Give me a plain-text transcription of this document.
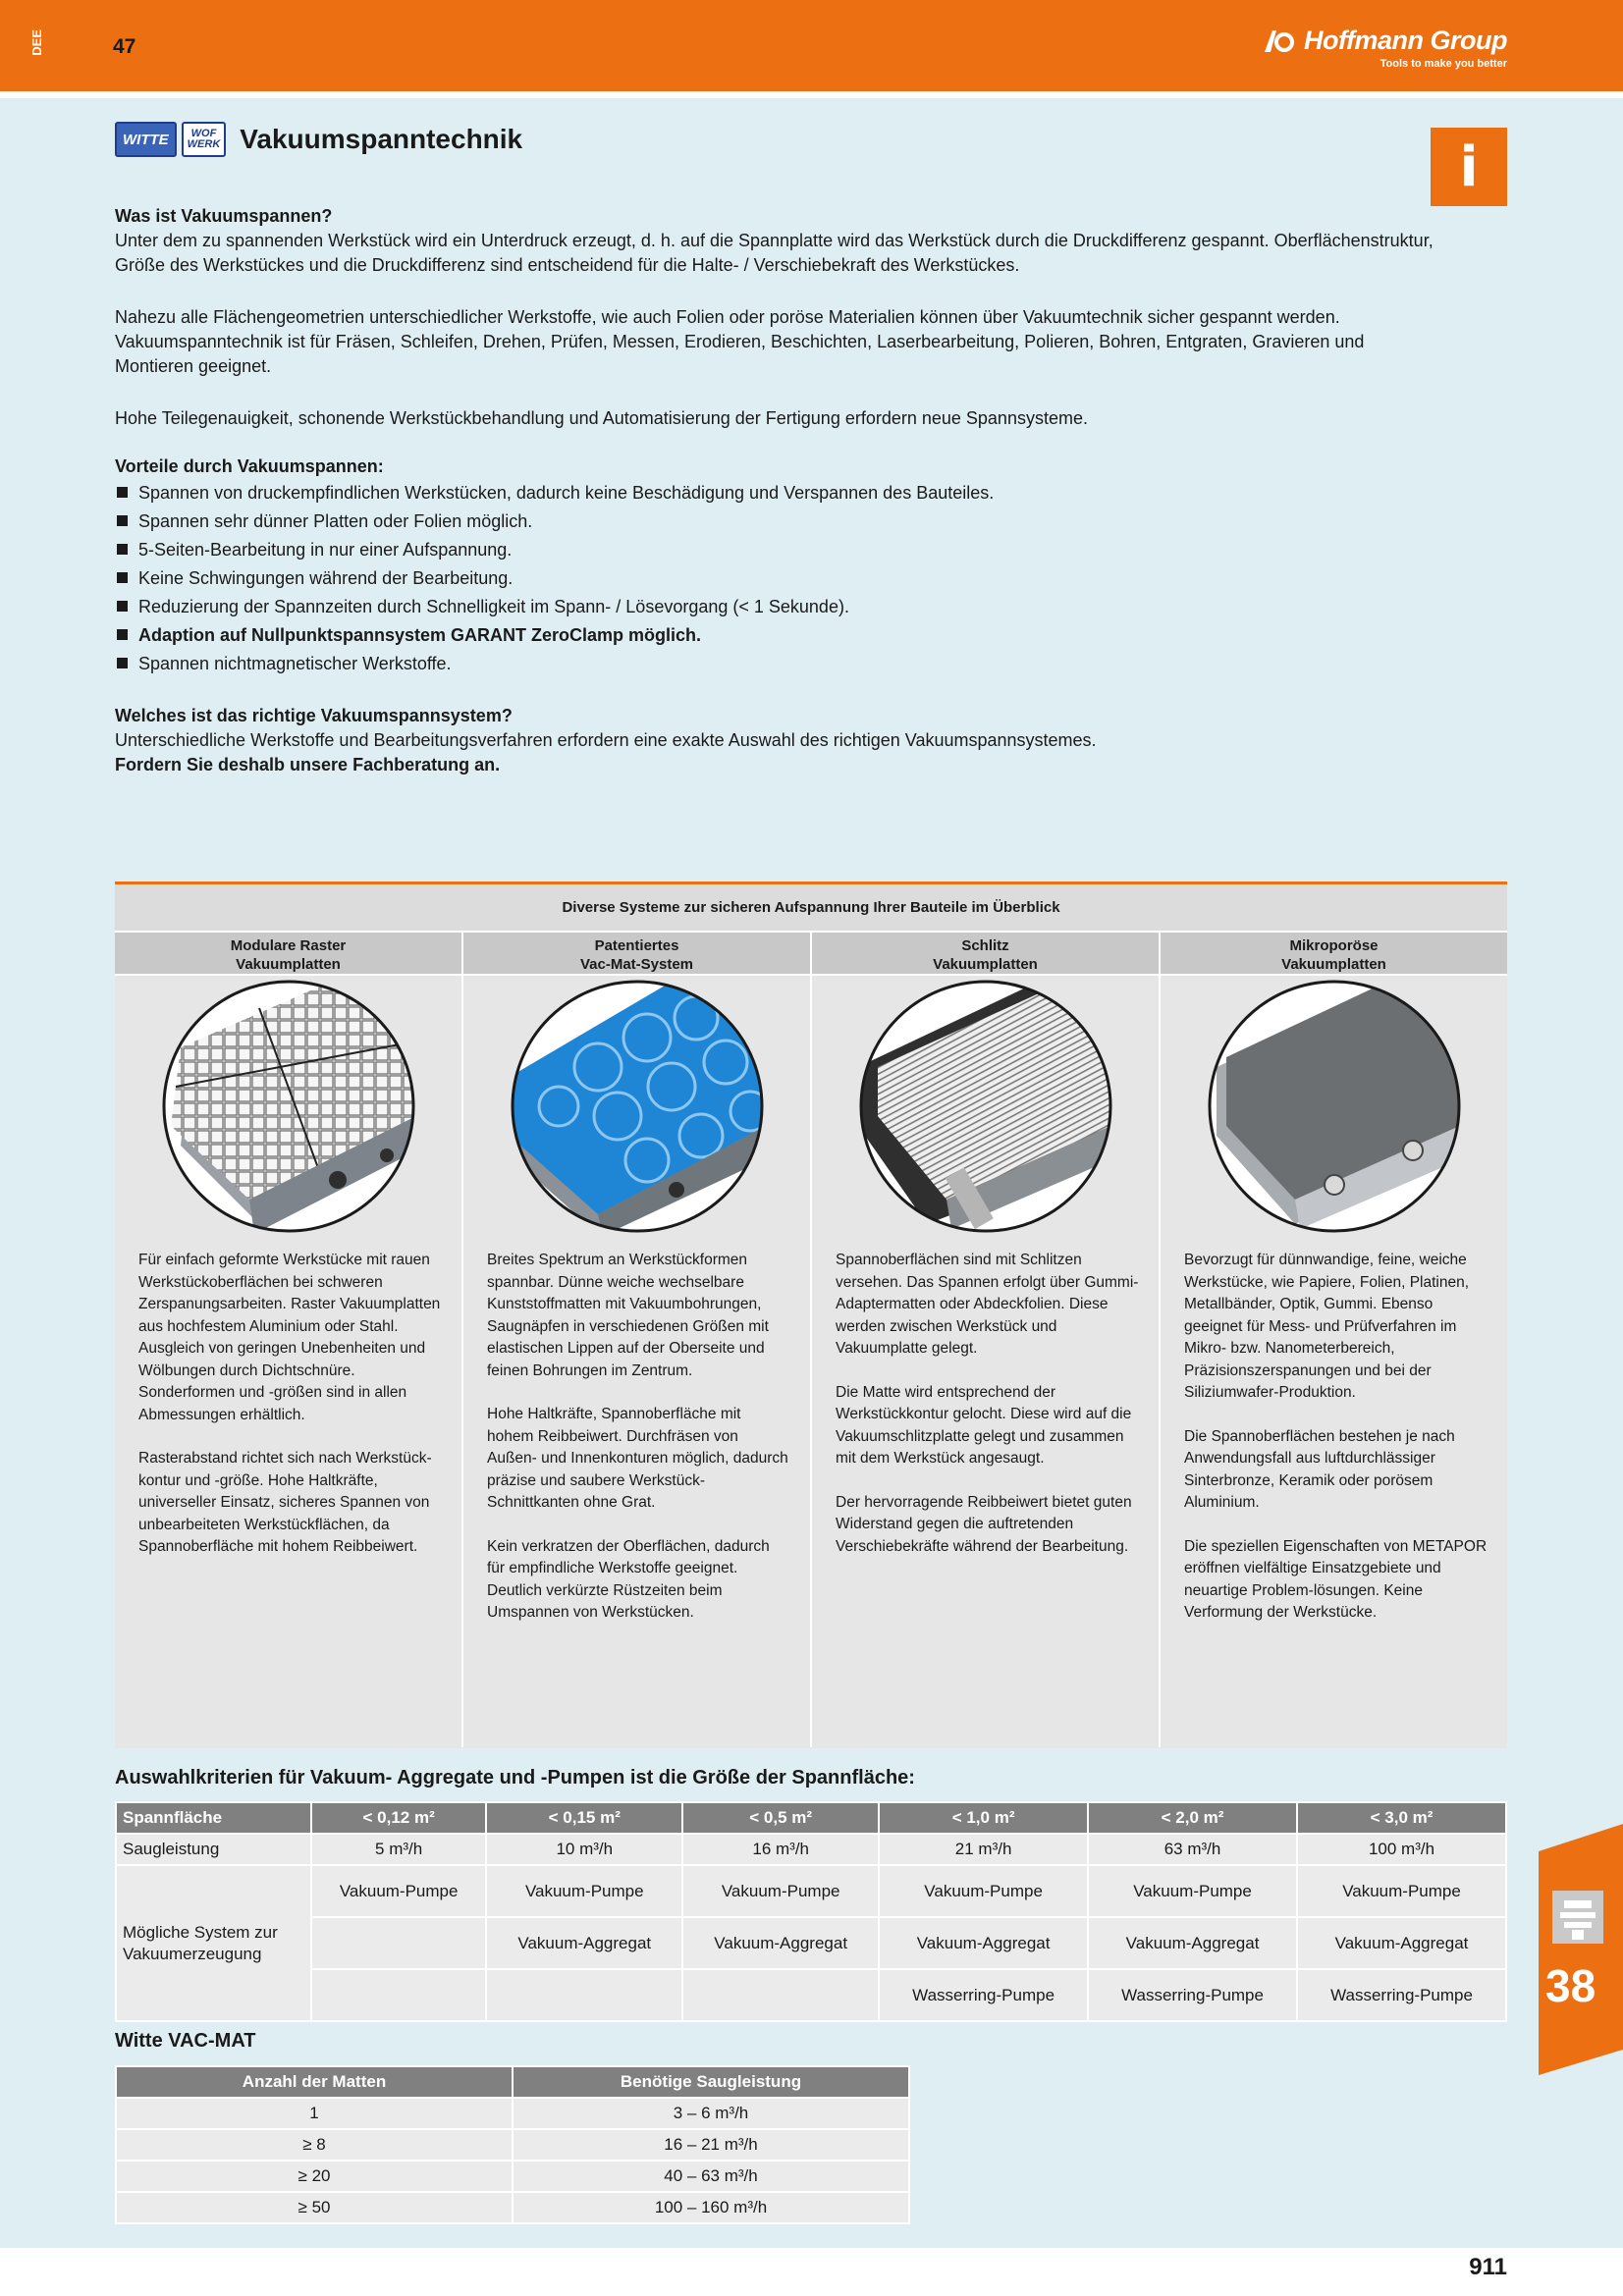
DEE	47	Hoffmann Group
Tools to make you better
WITTE	WOF
WERK Vakuumspanntechnik	i
Was ist Vakuumspannen?

Unter dem zu spannenden Werkstück wird ein Unterdruck erzeugt, d. h. auf die Spannplatte wird das Werkstück durch die Druckdifferenz gespannt. Oberflächenstruktur, Größe des Werkstückes und die Druckdifferenz sind entscheidend für die Halte- / Verschiebekraft des Werkstückes.

Nahezu alle Flächengeometrien unterschiedlicher Werkstoffe, wie auch Folien oder poröse Materialien können über Vakuumtechnik sicher gespannt werden. Vakuumspanntechnik ist für Fräsen, Schleifen, Drehen, Prüfen, Messen, Erodieren, Beschichten, Laserbearbeitung, Polieren, Bohren, Entgraten, Gravieren und Montieren geeignet.

Hohe Teilegenauigkeit, schonende Werkstückbehandlung und Automatisierung der Fertigung erfordern neue Spannsysteme.

Vorteile durch Vakuumspannen:
Spannen von druckempfindlichen Werkstücken, dadurch keine Beschädigung und Verspannen des Bauteiles.
Spannen sehr dünner Platten oder Folien möglich.
5-Seiten-Bearbeitung in nur einer Aufspannung.
Keine Schwingungen während der Bearbeitung.
Reduzierung der Spannzeiten durch Schnelligkeit im Spann- / Lösevorgang (< 1 Sekunde).
Adaption auf Nullpunktspannsystem GARANT ZeroClamp möglich.
Spannen nichtmagnetischer Werkstoffe.
Welches ist das richtige Vakuumspannsystem?
Unterschiedliche Werkstoffe und Bearbeitungsverfahren erfordern eine exakte Auswahl des richtigen Vakuumspannsystemes.
Fordern Sie deshalb unsere Fachberatung an.
Diverse Systeme zur sicheren Aufspannung Ihrer Bauteile im Überblick
Modulare Raster
Vakuumplatten

Für einfach geformte Werkstücke mit rauen Werkstückoberflächen bei schweren Zerspanungsarbeiten. Raster Vakuumplatten aus hochfestem Aluminium oder Stahl. Ausgleich von geringen Unebenheiten und Wölbungen durch Dichtschnüre. Sonderformen und -größen sind in allen Abmessungen erhältlich.

Rasterabstand richtet sich nach Werkstück-kontur und -größe. Hohe Haltkräfte, universeller Einsatz, sicheres Spannen von unbearbeiteten Werkstückflächen, da Spannoberfläche mit hohem Reibbeiwert.

Patentiertes
Vac-Mat-System

Breites Spektrum an Werkstückformen spannbar. Dünne weiche wechselbare Kunststoffmatten mit Vakuumbohrungen, Saugnäpfen in verschiedenen Größen mit elastischen Lippen auf der Oberseite und feinen Bohrungen im Zentrum.

Hohe Haltkräfte, Spannoberfläche mit hohem Reibbeiwert. Durchfräsen von Außen- und Innenkonturen möglich, dadurch präzise und saubere Werkstück-Schnittkanten ohne Grat.

Kein verkratzen der Oberflächen, dadurch für empfindliche Werkstoffe geeignet. Deutlich verkürzte Rüstzeiten beim Umspannen von Werkstücken.

Schlitz
Vakuumplatten

Spannoberflächen sind mit Schlitzen versehen. Das Spannen erfolgt über Gummi-Adaptermatten oder Abdeckfolien. Diese werden zwischen Werkstück und Vakuumplatte gelegt.

Die Matte wird entsprechend der Werkstückkontur gelocht. Diese wird auf die Vakuumschlitzplatte gelegt und zusammen mit dem Werkstück angesaugt.

Der hervorragende Reibbeiwert bietet guten Widerstand gegen die auftretenden Verschiebekräfte während der Bearbeitung.

Mikroporöse
Vakuumplatten

Bevorzugt für dünnwandige, feine, weiche Werkstücke, wie Papiere, Folien, Platinen, Metallbänder, Optik, Gummi. Ebenso geeignet für Mess- und Prüfverfahren im Mikro- bzw. Nanometerbereich, Präzisionszerspanungen und bei der Siliziumwafer-Produktion.

Die Spannoberflächen bestehen je nach Anwendungsfall aus luftdurchlässiger Sinterbronze, Keramik oder porösem Aluminium.

Die speziellen Eigenschaften von METAPOR eröffnen vielfältige Einsatzgebiete und neuartige Problem-lösungen. Keine Verformung der Werkstücke.

Auswahlkriterien für Vakuum- Aggregate und -Pumpen ist die Größe der Spannfläche:
Spannfläche	< 0,12 m²	< 0,15 m²	< 0,5 m²	< 1,0 m²	< 2,0 m²	< 3,0 m²
Saugleistung	5 m³/h	10 m³/h	16 m³/h	21 m³/h	63 m³/h	100 m³/h
Mögliche System zur Vakuumerzeugung	Vakuum-Pumpe	Vakuum-Pumpe	Vakuum-Pumpe	Vakuum-Pumpe	Vakuum-Pumpe	Vakuum-Pumpe
		Vakuum-Aggregat	Vakuum-Aggregat	Vakuum-Aggregat	Vakuum-Aggregat	Vakuum-Aggregat
				Wasserring-Pumpe	Wasserring-Pumpe	Wasserring-Pumpe
Witte VAC-MAT
Anzahl der Matten	Benötige Saugleistung
1	3 – 6 m³/h
≥ 8	16 – 21 m³/h
≥ 20	40 – 63 m³/h
≥ 50	100 – 160 m³/h
38
911
